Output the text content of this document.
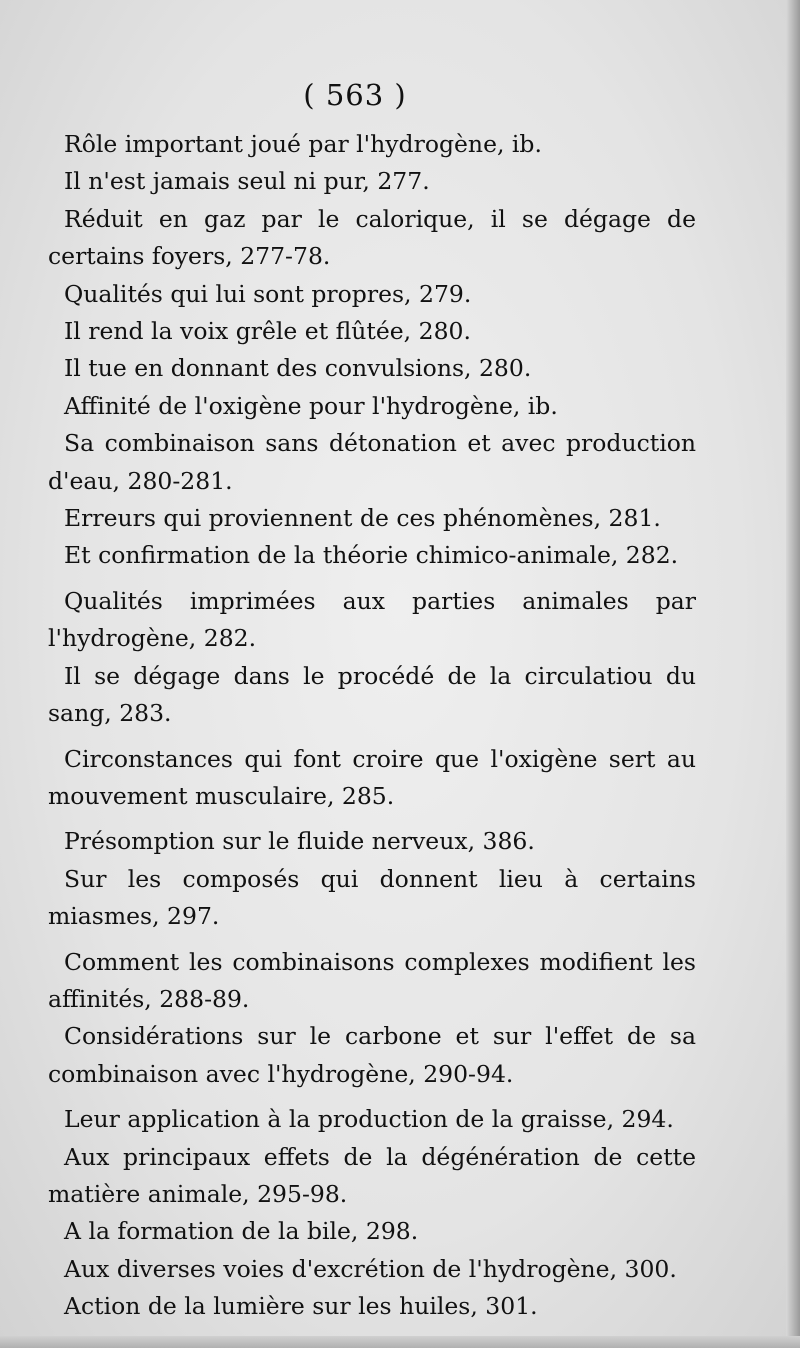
( 563 )

Rôle important joué par l'hydrogène, ib.

Il n'est jamais seul ni pur, 277.

Réduit en gaz par le calorique, il se dégage de certains foyers, 277-78.

Qualités qui lui sont propres, 279.

Il rend la voix grêle et flûtée, 280.

Il tue en donnant des convulsions, 280.

Affinité de l'oxigène pour l'hydrogène, ib.

Sa combinaison sans détonation et avec production d'eau, 280-281.

Erreurs qui proviennent de ces phénomènes, 281.

Et confirmation de la théorie chimico-animale, 282.

Qualités imprimées aux parties animales par l'hydrogène, 282.

Il se dégage dans le procédé de la circulatiou du sang, 283.

Circonstances qui font croire que l'oxigène sert au mouvement musculaire, 285.

Présomption sur le fluide nerveux, 386.

Sur les composés qui donnent lieu à certains miasmes, 297.

Comment les combinaisons complexes modifient les affinités, 288-89.

Considérations sur le carbone et sur l'effet de sa combinaison avec l'hydrogène, 290-94.

Leur application à la production de la graisse, 294.

Aux principaux effets de la dégénération de cette matière animale, 295-98.

A la formation de la bile, 298.

Aux diverses voies d'excrétion de l'hydrogène, 300.

Action de la lumière sur les huiles, 301.
